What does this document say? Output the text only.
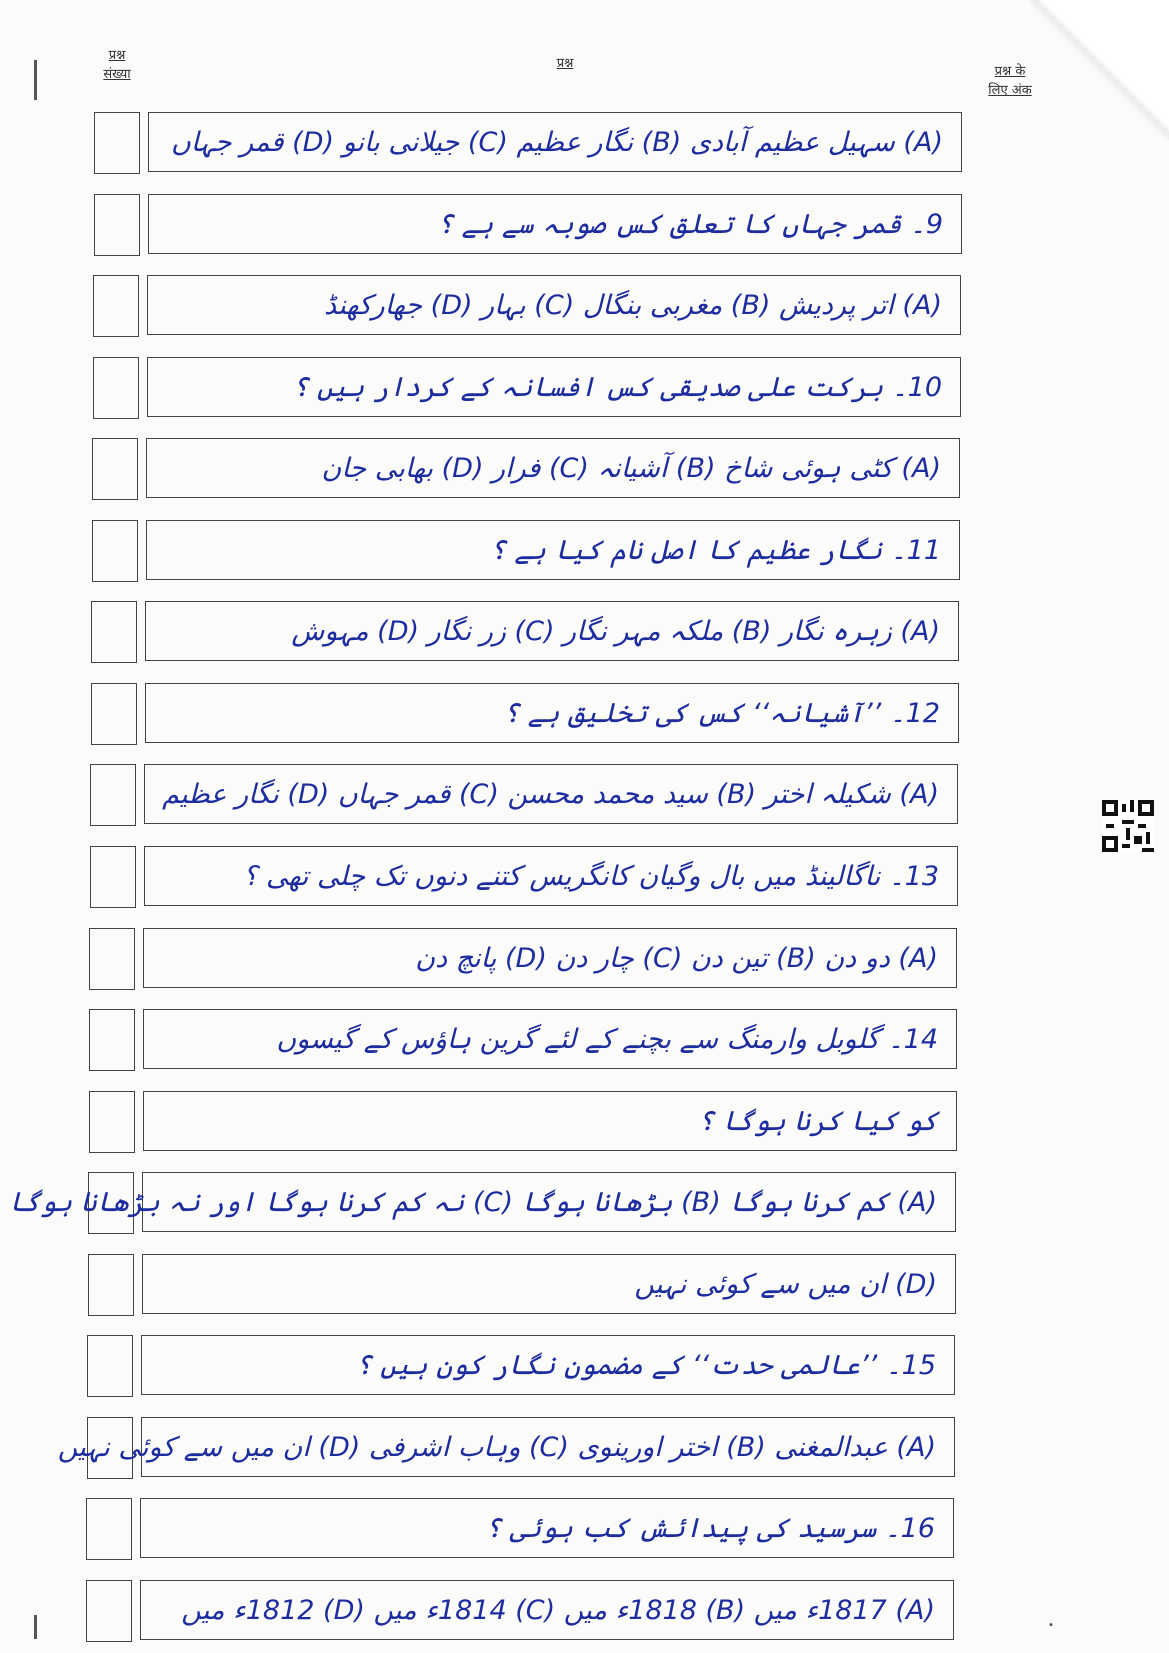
प्रश्न
संख्या
प्रश्न
प्रश्न के
लिए अंक
(A) سہیل عظیم آبادی (B) نگار عظیم (C) جیلانی بانو (D) قمر جہاں
9۔ قمر جہاں کا تعلق کس صوبہ سے ہے ؟
(A) اتر پردیش (B) مغربی بنگال (C) بہار (D) جھارکھنڈ
10۔ برکت علی صدیقی کس افسانہ کے کردار ہیں ؟
(A) کٹی ہوئی شاخ (B) آشیانہ (C) فرار (D) بھابی جان
11۔ نگار عظیم کا اصل نام کیا ہے ؟
(A) زہرہ نگار (B) ملکہ مہر نگار (C) زر نگار (D) مہوش
12۔ ’’آشیانہ‘‘ کس کی تخلیق ہے ؟
(A) شکیلہ اختر (B) سید محمد محسن (C) قمر جہاں (D) نگار عظیم
13۔ ناگالینڈ میں بال وگیان کانگریس کتنے دنوں تک چلی تھی ؟
(A) دو دن (B) تین دن (C) چار دن (D) پانچ دن
14۔ گلوبل وارمنگ سے بچنے کے لئے گرین ہاؤس کے گیسوں
کو کیا کرنا ہوگا ؟
(A) کم کرنا ہوگا (B) بڑھانا ہوگا (C) نہ کم کرنا ہوگا اور نہ بڑھانا ہوگا
(D) ان میں سے کوئی نہیں
15۔ ’’عالمی حدت‘‘ کے مضمون نگار کون ہیں ؟
(A) عبدالمغنی (B) اختر اورینوی (C) وہاب اشرفی (D) ان میں سے کوئی نہیں
16۔ سرسید کی پیدائش کب ہوئی ؟
(A) 1817ء میں (B) 1818ء میں (C) 1814ء میں (D) 1812ء میں	•
